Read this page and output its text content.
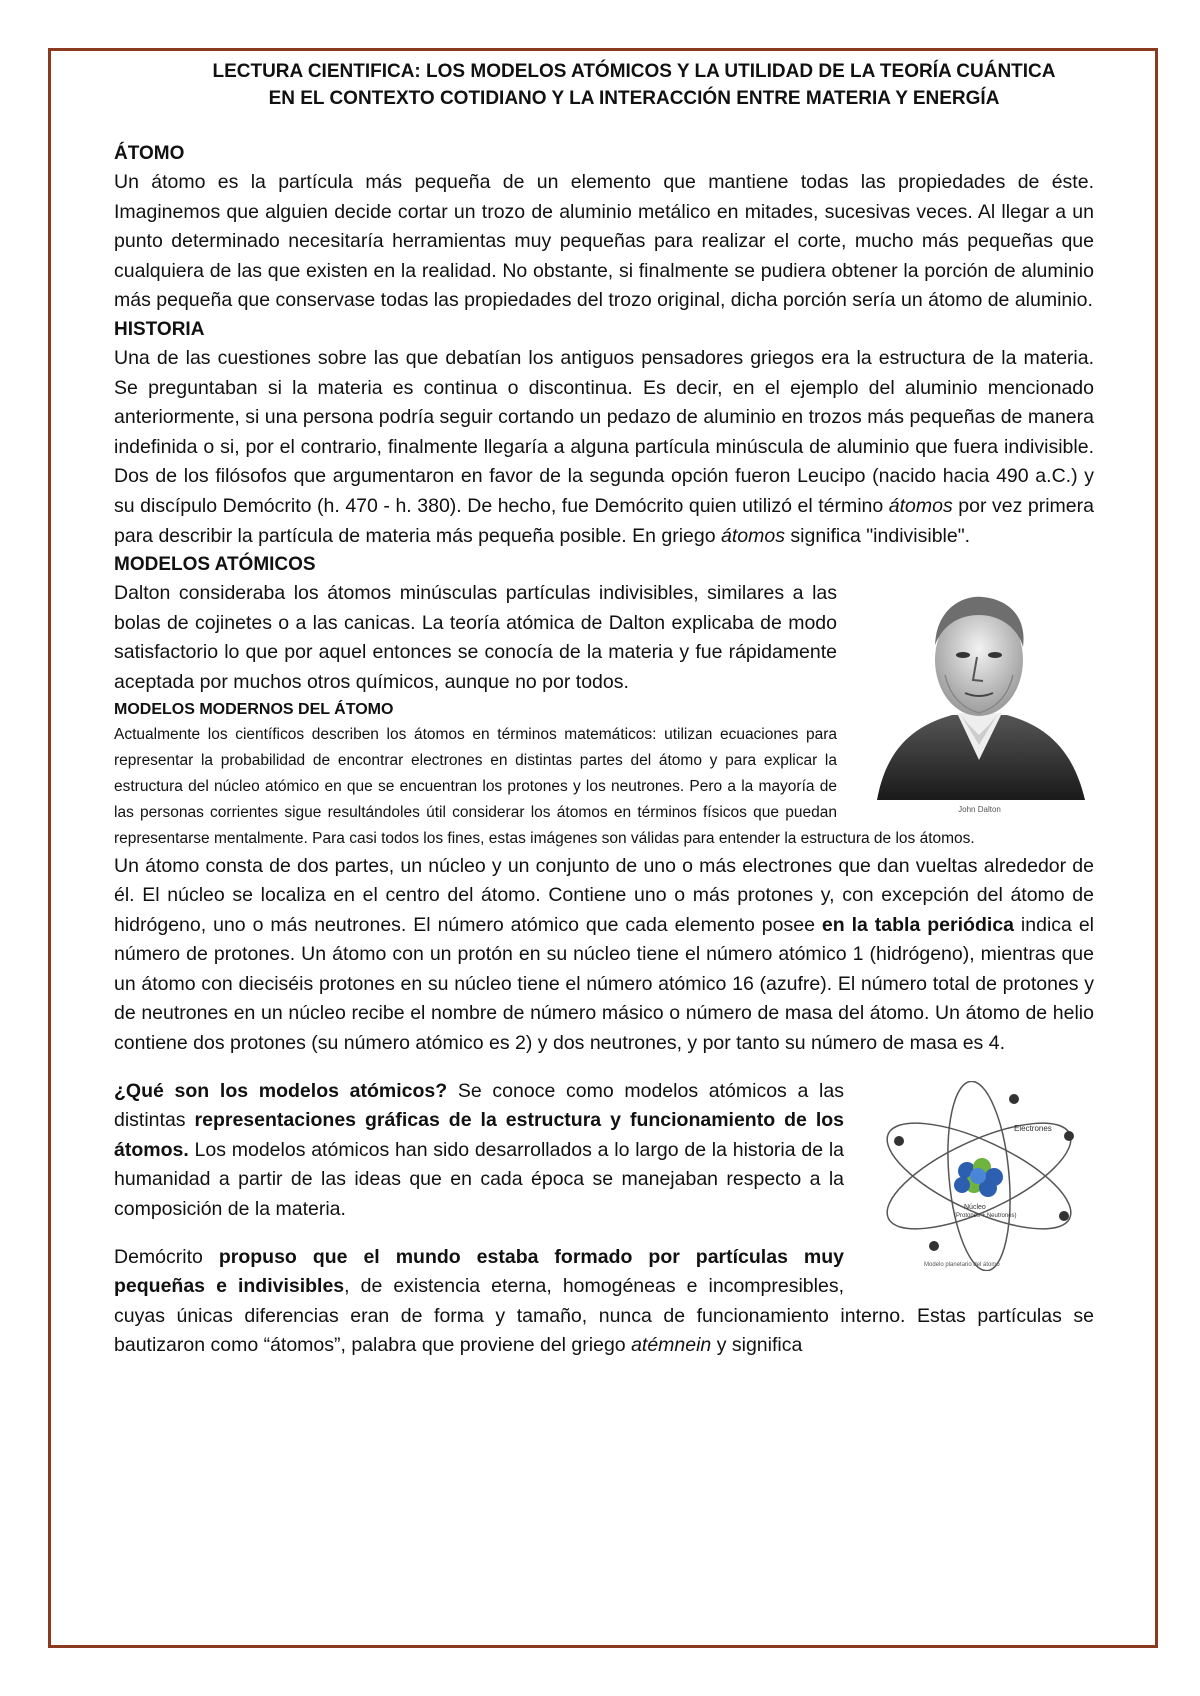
LECTURA CIENTIFICA: LOS MODELOS ATÓMICOS Y LA UTILIDAD DE LA TEORÍA CUÁNTICA
EN EL CONTEXTO COTIDIANO Y LA INTERACCIÓN ENTRE MATERIA Y ENERGÍA
ÁTOMO

Un átomo es la partícula más pequeña de un elemento que mantiene todas las propiedades de éste. Imaginemos que alguien decide cortar un trozo de aluminio metálico en mitades, sucesivas veces. Al llegar a un punto determinado necesitaría herramientas muy pequeñas para realizar el corte, mucho más pequeñas que cualquiera de las que existen en la realidad. No obstante, si finalmente se pudiera obtener la porción de aluminio más pequeña que conservase todas las propiedades del trozo original, dicha porción sería un átomo de aluminio.

HISTORIA

Una de las cuestiones sobre las que debatían los antiguos pensadores griegos era la estructura de la materia. Se preguntaban si la materia es continua o discontinua. Es decir, en el ejemplo del aluminio mencionado anteriormente, si una persona podría seguir cortando un pedazo de aluminio en trozos más pequeñas de manera indefinida o si, por el contrario, finalmente llegaría a alguna partícula minúscula de aluminio que fuera indivisible. Dos de los filósofos que argumentaron en favor de la segunda opción fueron Leucipo (nacido hacia 490 a.C.) y su discípulo Demócrito (h. 470 - h. 380). De hecho, fue Demócrito quien utilizó el término átomos por vez primera para describir la partícula de materia más pequeña posible. En griego átomos significa "indivisible".

MODELOS ATÓMICOS
John Dalton

Dalton consideraba los átomos minúsculas partículas indivisibles, similares a las bolas de cojinetes o a las canicas. La teoría atómica de Dalton explicaba de modo satisfactorio lo que por aquel entonces se conocía de la materia y fue rápidamente aceptada por muchos otros químicos, aunque no por todos.

MODELOS MODERNOS DEL ÁTOMO

Actualmente los científicos describen los átomos en términos matemáticos: utilizan ecuaciones para representar la probabilidad de encontrar electrones en distintas partes del átomo y para explicar la estructura del núcleo atómico en que se encuentran los protones y los neutrones. Pero a la mayoría de las personas corrientes sigue resultándoles útil considerar los átomos en términos físicos que puedan representarse mentalmente. Para casi todos los fines, estas imágenes son válidas para entender la estructura de los átomos.

Un átomo consta de dos partes, un núcleo y un conjunto de uno o más electrones que dan vueltas alrededor de él. El núcleo se localiza en el centro del átomo. Contiene uno o más protones y, con excepción del átomo de hidrógeno, uno o más neutrones. El número atómico que cada elemento posee en la tabla periódica indica el número de protones. Un átomo con un protón en su núcleo tiene el número atómico 1 (hidrógeno), mientras que un átomo con dieciséis protones en su núcleo tiene el número atómico 16 (azufre). El número total de protones y de neutrones en un núcleo recibe el nombre de número másico o número de masa del átomo. Un átomo de helio contiene dos protones (su número atómico es 2) y dos neutrones, y por tanto su número de masa es 4.

Electrones
Núcleo
(Protones + Neutrones)
Modelo planetario del átomo

¿Qué son los modelos atómicos? Se conoce como modelos atómicos a las distintas representaciones gráficas de la estructura y funcionamiento de los átomos. Los modelos atómicos han sido desarrollados a lo largo de la historia de la humanidad a partir de las ideas que en cada época se manejaban respecto a la composición de la materia.

Demócrito propuso que el mundo estaba formado por partículas muy pequeñas e indivisibles, de existencia eterna, homogéneas e incompresibles, cuyas únicas diferencias eran de forma y tamaño, nunca de funcionamiento interno. Estas partículas se bautizaron como “átomos”, palabra que proviene del griego atémnein y significa
